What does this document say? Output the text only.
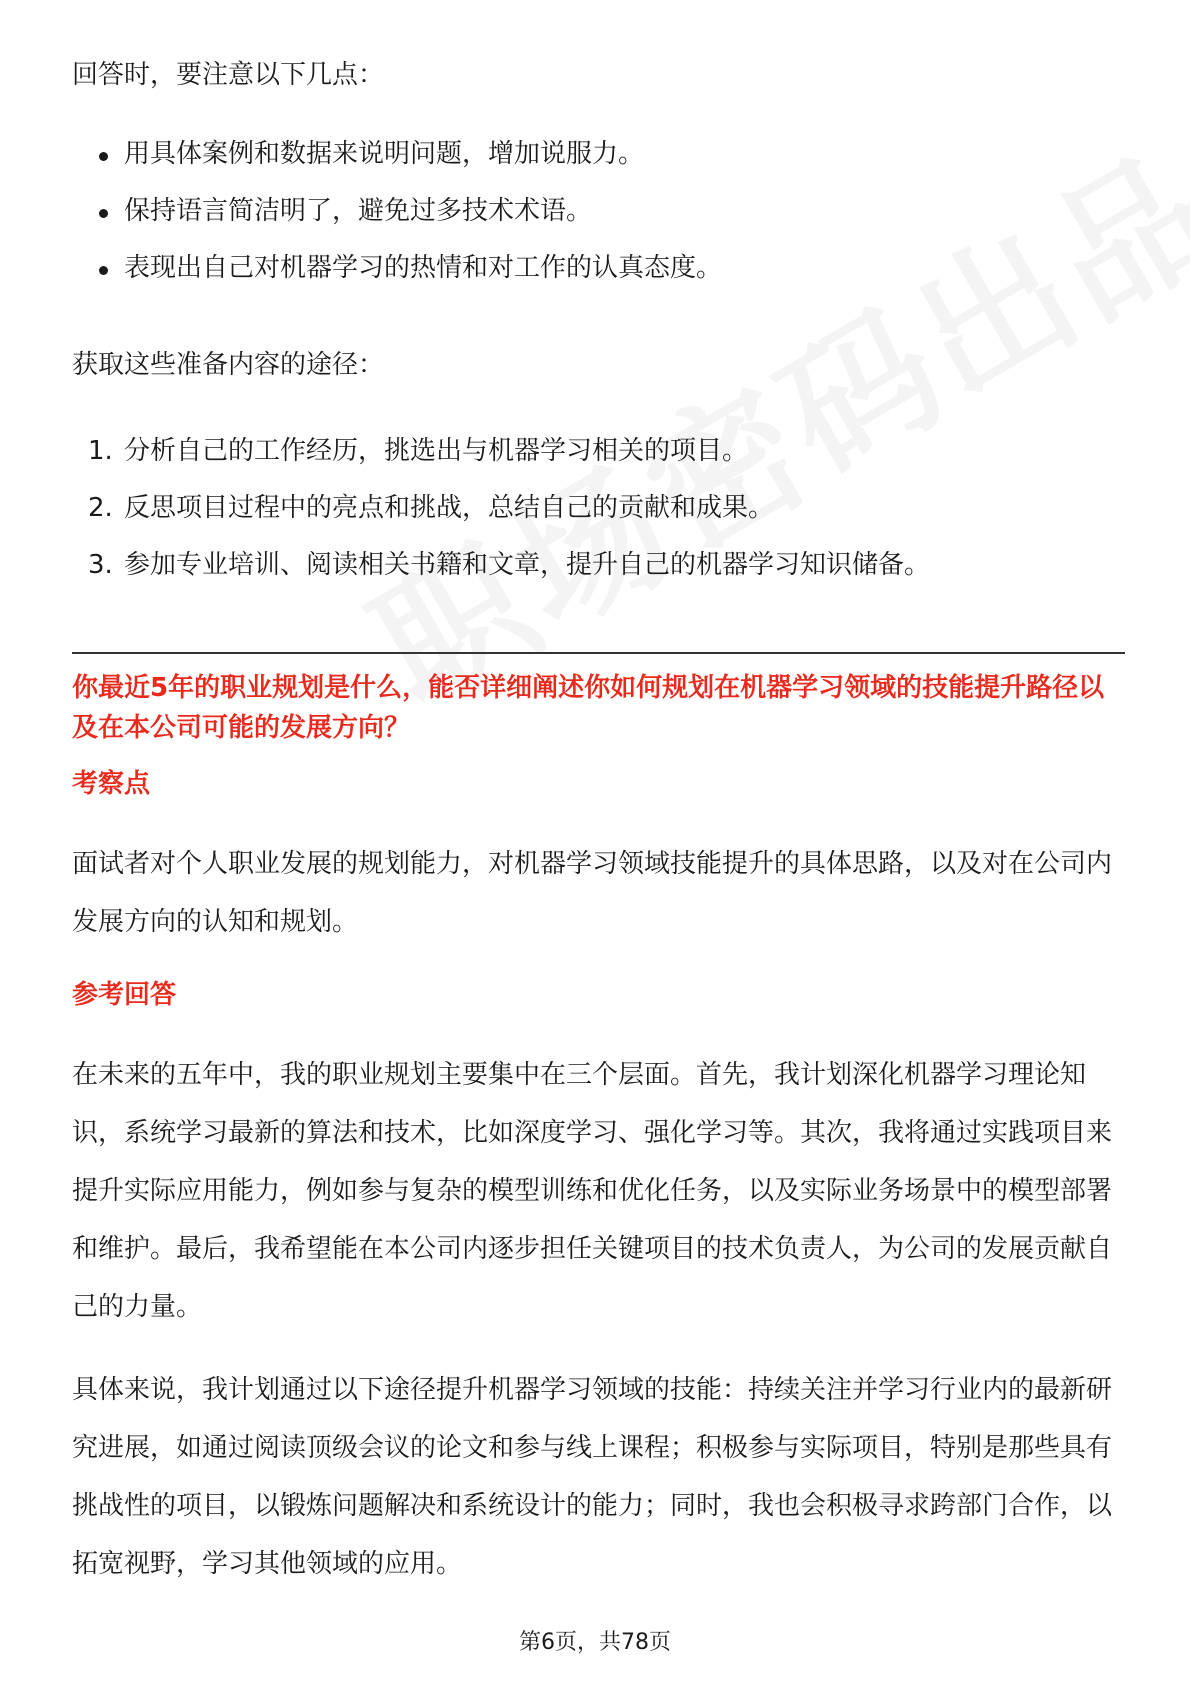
回答时，要注意以下几点：

用具体案例和数据来说明问题，增加说服力。
保持语言简洁明了，避免过多技术术语。
表现出自己对机器学习的热情和对工作的认真态度。

获取这些准备内容的途径：

1. 分析自己的工作经历，挑选出与机器学习相关的项目。
2. 反思项目过程中的亮点和挑战，总结自己的贡献和成果。
3. 参加专业培训、阅读相关书籍和文章，提升自己的机器学习知识储备。

你最近5年的职业规划是什么，能否详细阐述你如何规划在机器学习领域的技能提升路径以及在本公司可能的发展方向？

考察点

面试者对个人职业发展的规划能力，对机器学习领域技能提升的具体思路，以及对在公司内发展方向的认知和规划。

参考回答

在未来的五年中，我的职业规划主要集中在三个层面。首先，我计划深化机器学习理论知识，系统学习最新的算法和技术，比如深度学习、强化学习等。其次，我将通过实践项目来提升实际应用能力，例如参与复杂的模型训练和优化任务，以及实际业务场景中的模型部署和维护。最后，我希望能在本公司内逐步担任关键项目的技术负责人，为公司的发展贡献自己的力量。

具体来说，我计划通过以下途径提升机器学习领域的技能：持续关注并学习行业内的最新研究进展，如通过阅读顶级会议的论文和参与线上课程；积极参与实际项目，特别是那些具有挑战性的项目，以锻炼问题解决和系统设计的能力；同时，我也会积极寻求跨部门合作，以拓宽视野，学习其他领域的应用。

第6页，共78页
